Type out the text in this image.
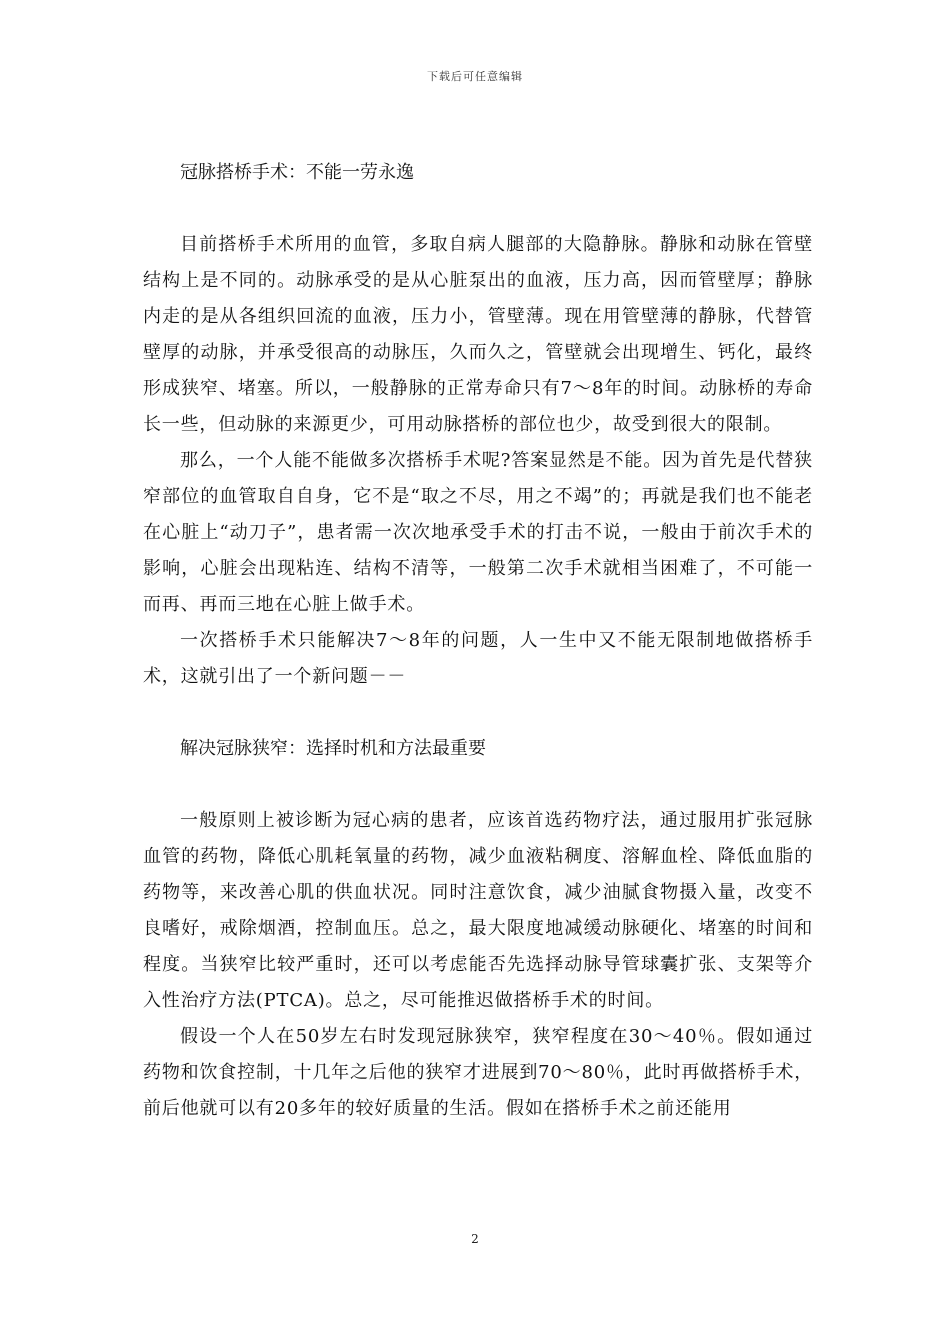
下载后可任意编辑

冠脉搭桥手术：不能一劳永逸

目前搭桥手术所用的血管，多取自病人腿部的大隐静脉。静脉和动脉在管壁结构上是不同的。动脉承受的是从心脏泵出的血液，压力高，因而管壁厚；静脉内走的是从各组织回流的血液，压力小，管壁薄。现在用管壁薄的静脉，代替管壁厚的动脉，并承受很高的动脉压，久而久之，管壁就会出现增生、钙化，最终形成狭窄、堵塞。所以，一般静脉的正常寿命只有7～8年的时间。动脉桥的寿命长一些，但动脉的来源更少，可用动脉搭桥的部位也少，故受到很大的限制。

那么，一个人能不能做多次搭桥手术呢?答案显然是不能。因为首先是代替狭窄部位的血管取自自身，它不是“取之不尽，用之不竭”的；再就是我们也不能老在心脏上“动刀子”，患者需一次次地承受手术的打击不说，一般由于前次手术的影响，心脏会出现粘连、结构不清等，一般第二次手术就相当困难了，不可能一而再、再而三地在心脏上做手术。

一次搭桥手术只能解决7～8年的问题，人一生中又不能无限制地做搭桥手术，这就引出了一个新问题－－

解决冠脉狭窄：选择时机和方法最重要

一般原则上被诊断为冠心病的患者，应该首选药物疗法，通过服用扩张冠脉血管的药物，降低心肌耗氧量的药物，减少血液粘稠度、溶解血栓、降低血脂的药物等，来改善心肌的供血状况。同时注意饮食，减少油腻食物摄入量，改变不良嗜好，戒除烟酒，控制血压。总之，最大限度地减缓动脉硬化、堵塞的时间和程度。当狭窄比较严重时，还可以考虑能否先选择动脉导管球囊扩张、支架等介入性治疗方法(PTCA)。总之，尽可能推迟做搭桥手术的时间。

假设一个人在50岁左右时发现冠脉狭窄，狭窄程度在30～40％。假如通过药物和饮食控制，十几年之后他的狭窄才进展到70～80％，此时再做搭桥手术，前后他就可以有20多年的较好质量的生活。假如在搭桥手术之前还能用

2
